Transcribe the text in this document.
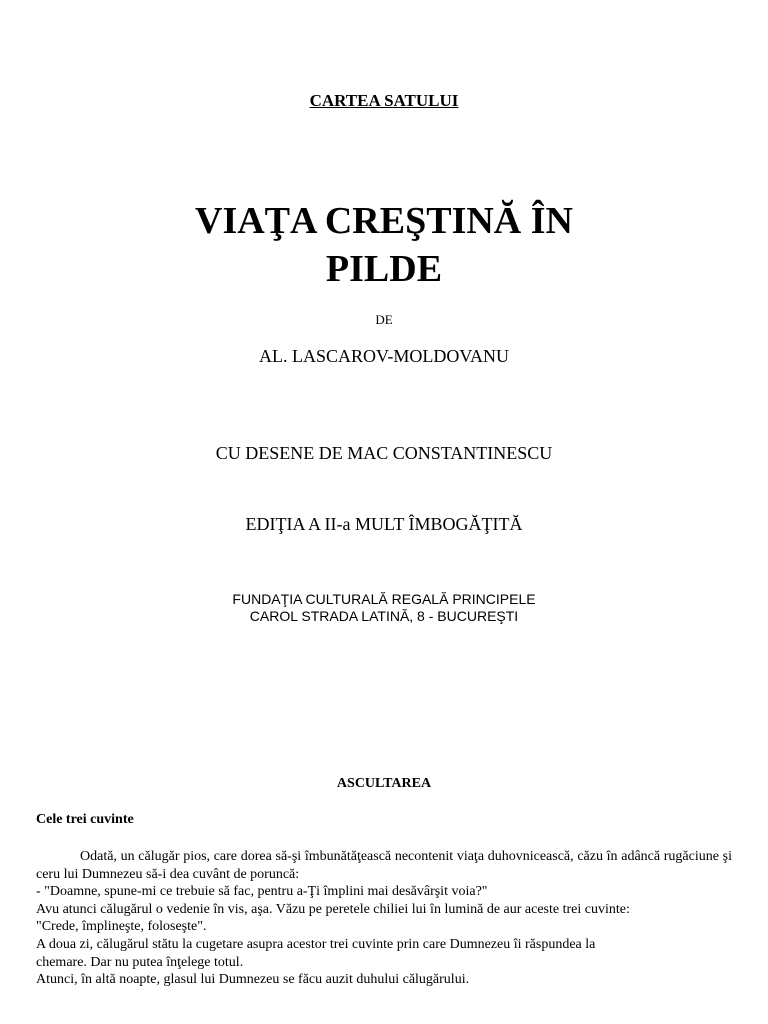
CARTEA SATULUI
VIAŢA CREŞTINĂ ÎN
PILDE
DE
AL. LASCAROV-MOLDOVANU
CU DESENE DE MAC CONSTANTINESCU
EDIŢIA A II-a MULT ÎMBOGĂŢITĂ
FUNDAŢIA CULTURALĂ REGALĂ PRINCIPELE
CAROL STRADA LATINĂ, 8 - BUCUREŞTI
ASCULTAREA
Cele trei cuvinte

Odată, un călugăr pios, care dorea să-şi îmbunătăţească necontenit viaţa duhovnicească, căzu în adâncă rugăciune şi ceru lui Dumnezeu să-i dea cuvânt de poruncă:

- "Doamne, spune-mi ce trebuie să fac, pentru a-Ţi împlini mai desăvârşit voia?"

Avu atunci călugărul o vedenie în vis, aşa. Văzu pe peretele chiliei lui în lumină de aur aceste trei cuvinte:

"Crede, împlineşte, foloseşte".

A doua zi, călugărul stătu la cugetare asupra acestor trei cuvinte prin care Dumnezeu îi răspundea la

chemare. Dar nu putea înţelege totul.

Atunci, în altă noapte, glasul lui Dumnezeu se făcu auzit duhului călugărului.
